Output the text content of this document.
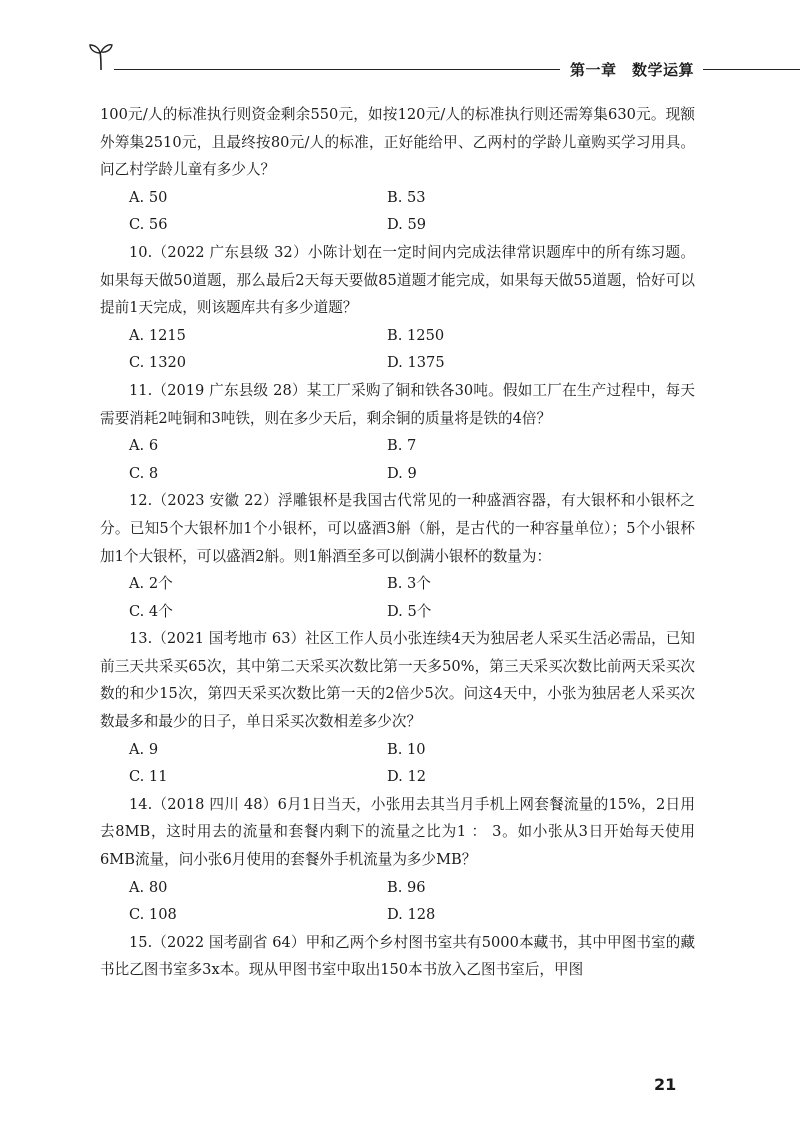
第一章　数学运算

100元/人的标准执行则资金剩余550元，如按120元/人的标准执行则还需筹集630元。现额外筹集2510元，且最终按80元/人的标准，正好能给甲、乙两村的学龄儿童购买学习用具。问乙村学龄儿童有多少人？

A. 50	B. 53
C. 56	D. 59

10.（2022 广东县级 32）小陈计划在一定时间内完成法律常识题库中的所有练习题。如果每天做50道题，那么最后2天每天要做85道题才能完成，如果每天做55道题，恰好可以提前1天完成，则该题库共有多少道题？

A. 1215	B. 1250
C. 1320	D. 1375

11.（2019 广东县级 28）某工厂采购了铜和铁各30吨。假如工厂在生产过程中，每天需要消耗2吨铜和3吨铁，则在多少天后，剩余铜的质量将是铁的4倍？

A. 6	B. 7
C. 8	D. 9

12.（2023 安徽 22）浮雕银杯是我国古代常见的一种盛酒容器，有大银杯和小银杯之分。已知5个大银杯加1个小银杯，可以盛酒3斛（斛，是古代的一种容量单位）；5个小银杯加1个大银杯，可以盛酒2斛。则1斛酒至多可以倒满小银杯的数量为：

A. 2个	B. 3个
C. 4个	D. 5个

13.（2021 国考地市 63）社区工作人员小张连续4天为独居老人采买生活必需品，已知前三天共采买65次，其中第二天采买次数比第一天多50%，第三天采买次数比前两天采买次数的和少15次，第四天采买次数比第一天的2倍少5次。问这4天中，小张为独居老人采买次数最多和最少的日子，单日采买次数相差多少次？

A. 9	B. 10
C. 11	D. 12

14.（2018 四川 48）6月1日当天，小张用去其当月手机上网套餐流量的15%，2日用去8MB，这时用去的流量和套餐内剩下的流量之比为1 ： 3。如小张从3日开始每天使用6MB流量，问小张6月使用的套餐外手机流量为多少MB？

A. 80	B. 96
C. 108	D. 128

15.（2022 国考副省 64）甲和乙两个乡村图书室共有5000本藏书，其中甲图书室的藏书比乙图书室多3x本。现从甲图书室中取出150本书放入乙图书室后，甲图

21
